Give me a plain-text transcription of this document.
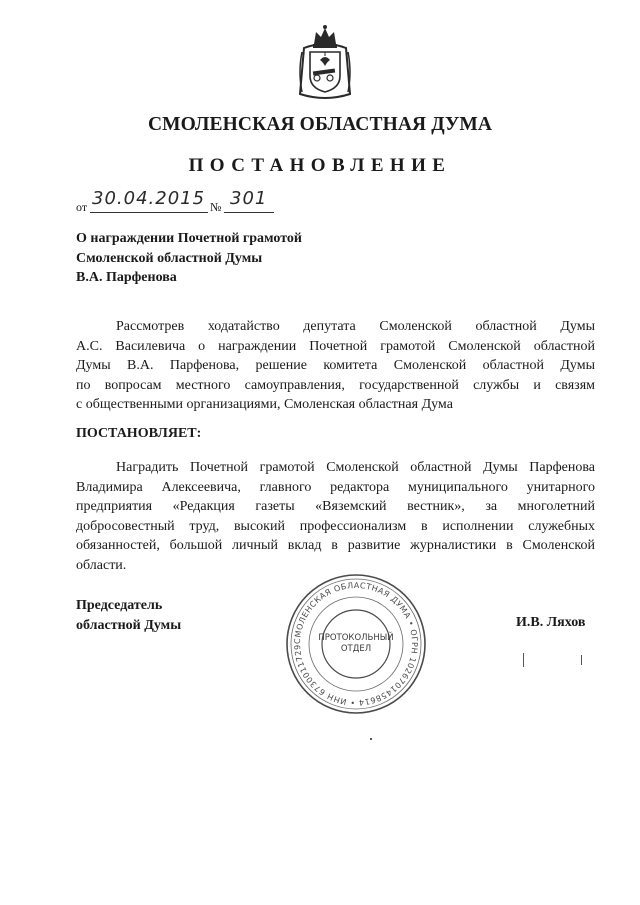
СМОЛЕНСКАЯ ОБЛАСТНАЯ ДУМА
ПОСТАНОВЛЕНИЕ
от 30.04.2015 № 301
О награждении Почетной грамотой
Смоленской областной Думы
В.А. Парфенова
Рассмотрев ходатайство депутата Смоленской областной Думы
А.С. Василевича о награждении Почетной грамотой Смоленской областной
Думы В.А. Парфенова, решение комитета Смоленской областной Думы
по вопросам местного самоуправления, государственной службы и связям
с общественными организациями, Смоленская областная Дума
ПОСТАНОВЛЯЕТ:
Наградить Почетной грамотой Смоленской областной Думы Парфенова
Владимира Алексеевича, главного редактора муниципального унитарного
предприятия «Редакция газеты «Вяземский вестник», за многолетний
добросовестный труд, высокий профессионализм в исполнении служебных
обязанностей, большой личный вклад в развитие журналистики в Смоленской
области.
Председатель
областной Думы	И.В. Ляхов
СМОЛЕНСКАЯ ОБЛАСТНАЯ ДУМА • ОГРН 1026701458614 • ИНН 6730011729
ПРОТОКОЛЬНЫЙ
ОТДЕЛ
